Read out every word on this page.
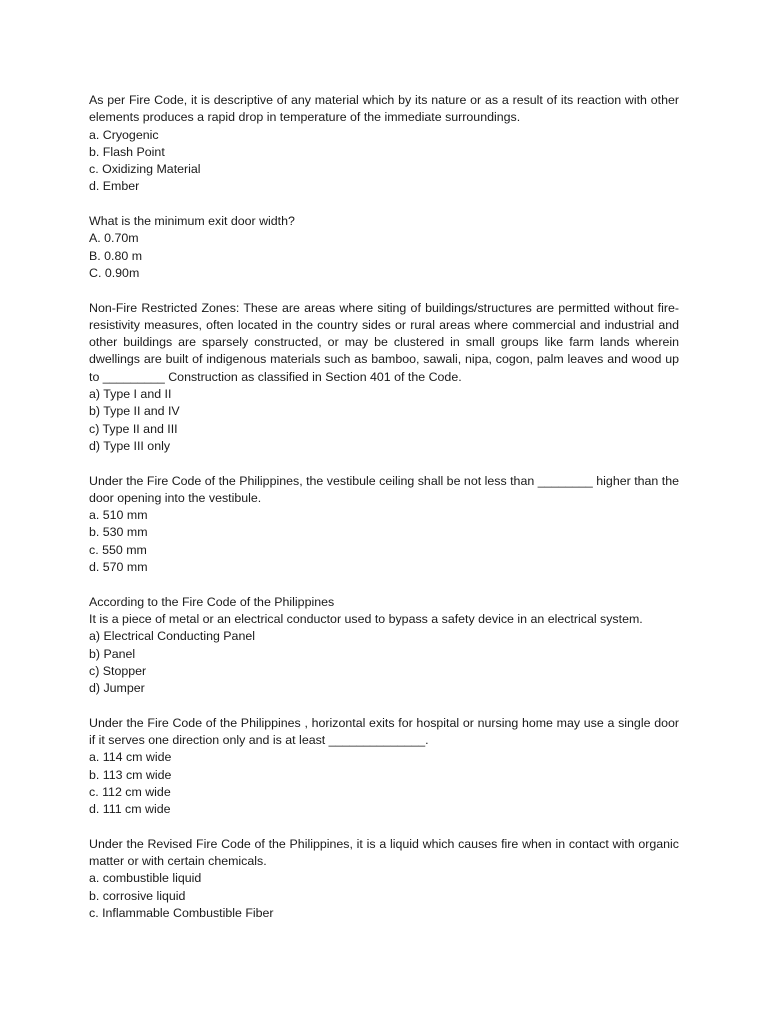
As per Fire Code, it is descriptive of any material which by its nature or as a result of its reaction with other
elements produces a rapid drop in temperature of the immediate surroundings.
a. Cryogenic
b. Flash Point
c. Oxidizing Material
d. Ember
What is the minimum exit door width?
A. 0.70m
B. 0.80 m
C. 0.90m
Non-Fire Restricted Zones: These are areas where siting of buildings/structures are permitted without fire-
resistivity measures, often located in the country sides or rural areas where commercial and industrial and
other buildings are sparsely constructed, or may be clustered in small groups like farm lands wherein
dwellings are built of indigenous materials such as bamboo, sawali, nipa, cogon, palm leaves and wood up
to _________ Construction as classified in Section 401 of the Code.
a) Type I and II
b) Type II and IV
c) Type II and III
d) Type III only
Under the Fire Code of the Philippines, the vestibule ceiling shall be not less than ________ higher than the
door opening into the vestibule.
a. 510 mm
b. 530 mm
c. 550 mm
d. 570 mm
According to the Fire Code of the Philippines
It is a piece of metal or an electrical conductor used to bypass a safety device in an electrical system.
a) Electrical Conducting Panel
b) Panel
c) Stopper
d) Jumper
Under the Fire Code of the Philippines , horizontal exits for hospital or nursing home may use a single door
if it serves one direction only and is at least ______________.
a. 114 cm wide
b. 113 cm wide
c. 112 cm wide
d. 111 cm wide
Under the Revised Fire Code of the Philippines, it is a liquid which causes fire when in contact with organic
matter or with certain chemicals.
a. combustible liquid
b. corrosive liquid
c. Inflammable Combustible Fiber
